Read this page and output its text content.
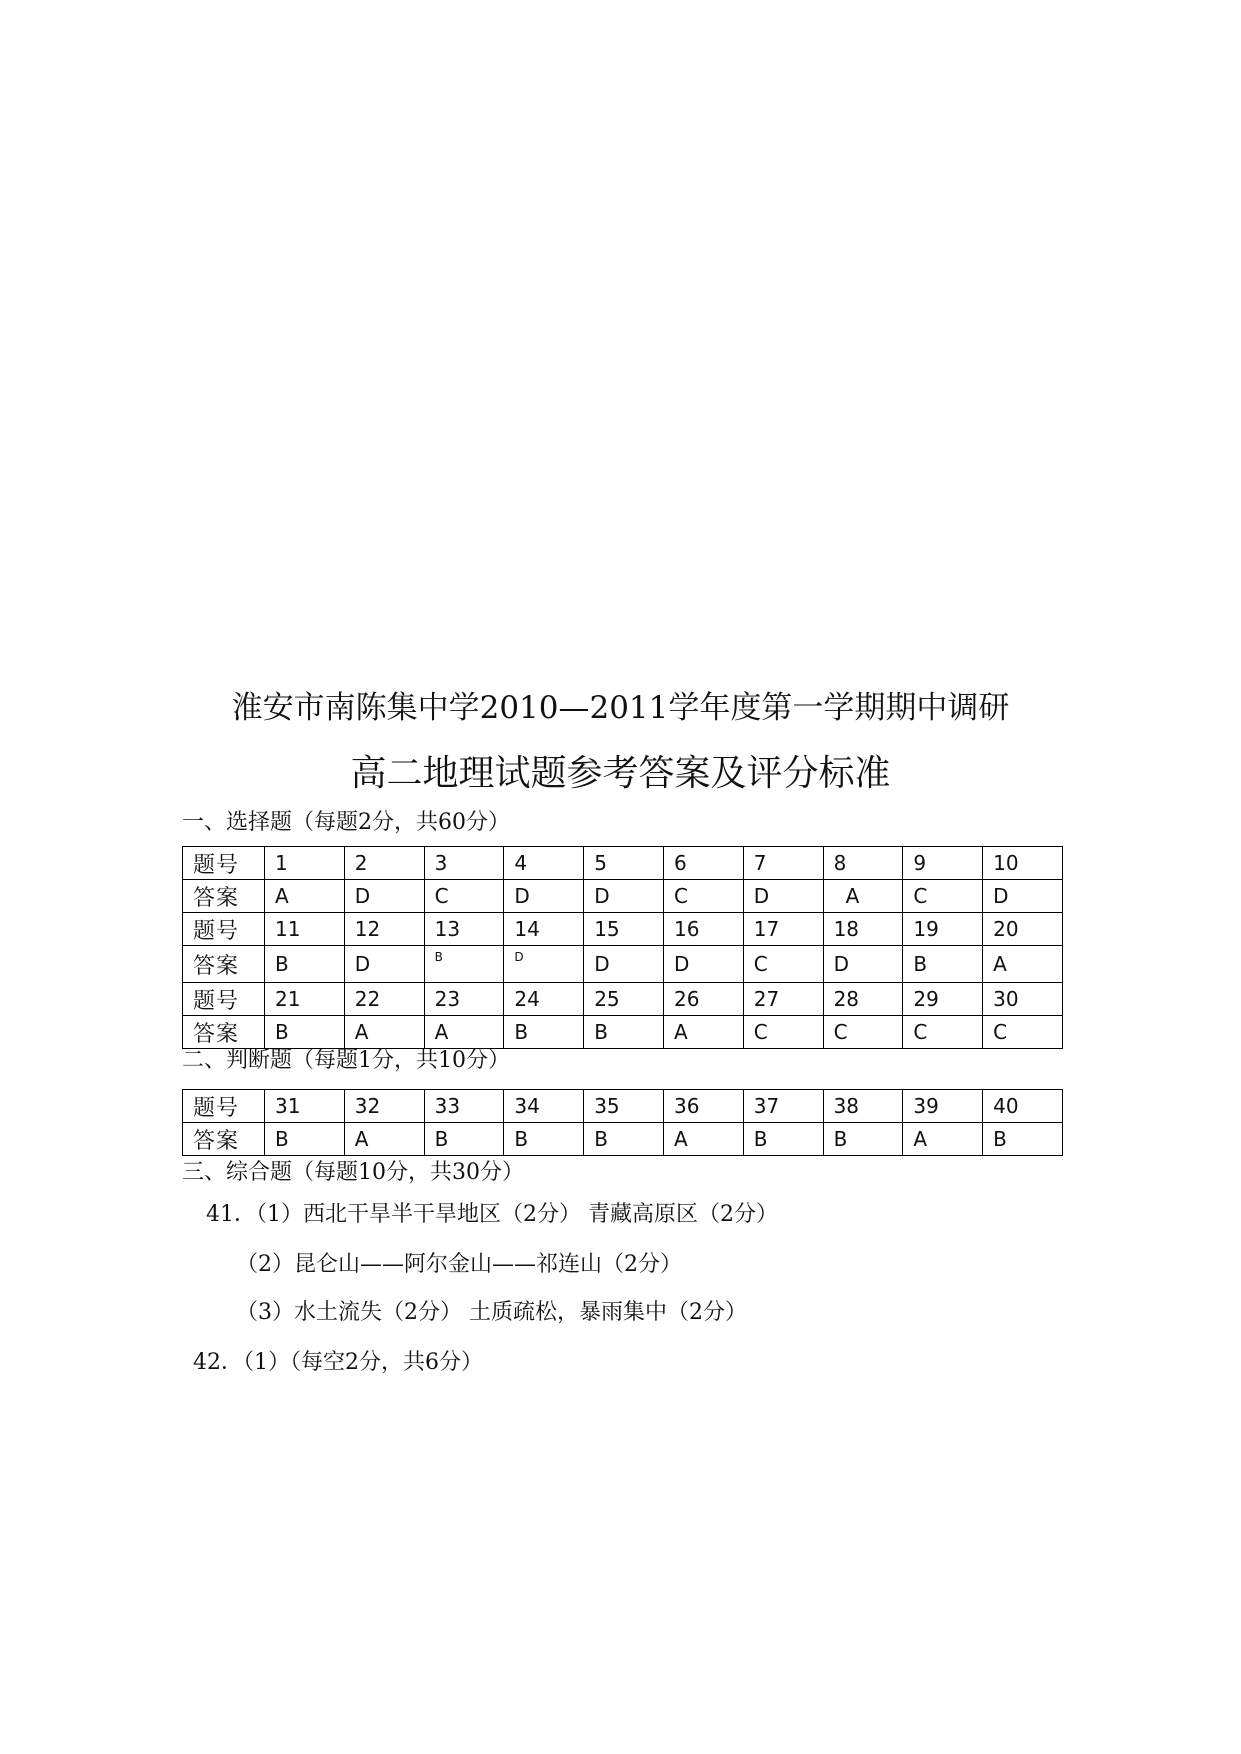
淮安市南陈集中学2010—2011学年度第一学期期中调研
高二地理试题参考答案及评分标准
一、选择题（每题2分，共60分）
题号	1	2	3	4	5	6	7	8	9	10
答案	A	D	C	D	D	C	D	A	C	D
题号	11	12	13	14	15	16	17	18	19	20
答案	B	D	B	D	D	D	C	D	B	A
题号	21	22	23	24	25	26	27	28	29	30
答案	B	A	A	B	B	A	C	C	C	C
二、判断题（每题1分，共10分）
题号	31	32	33	34	35	36	37	38	39	40
答案	B	A	B	B	B	A	B	B	A	B
三、综合题（每题10分，共30分）
41．（1）西北干旱半干旱地区（2分） 青藏高原区（2分）
（2）昆仑山——阿尔金山——祁连山（2分）
（3）水土流失（2分） 土质疏松，暴雨集中（2分）
42．（1）（每空2分，共6分）
